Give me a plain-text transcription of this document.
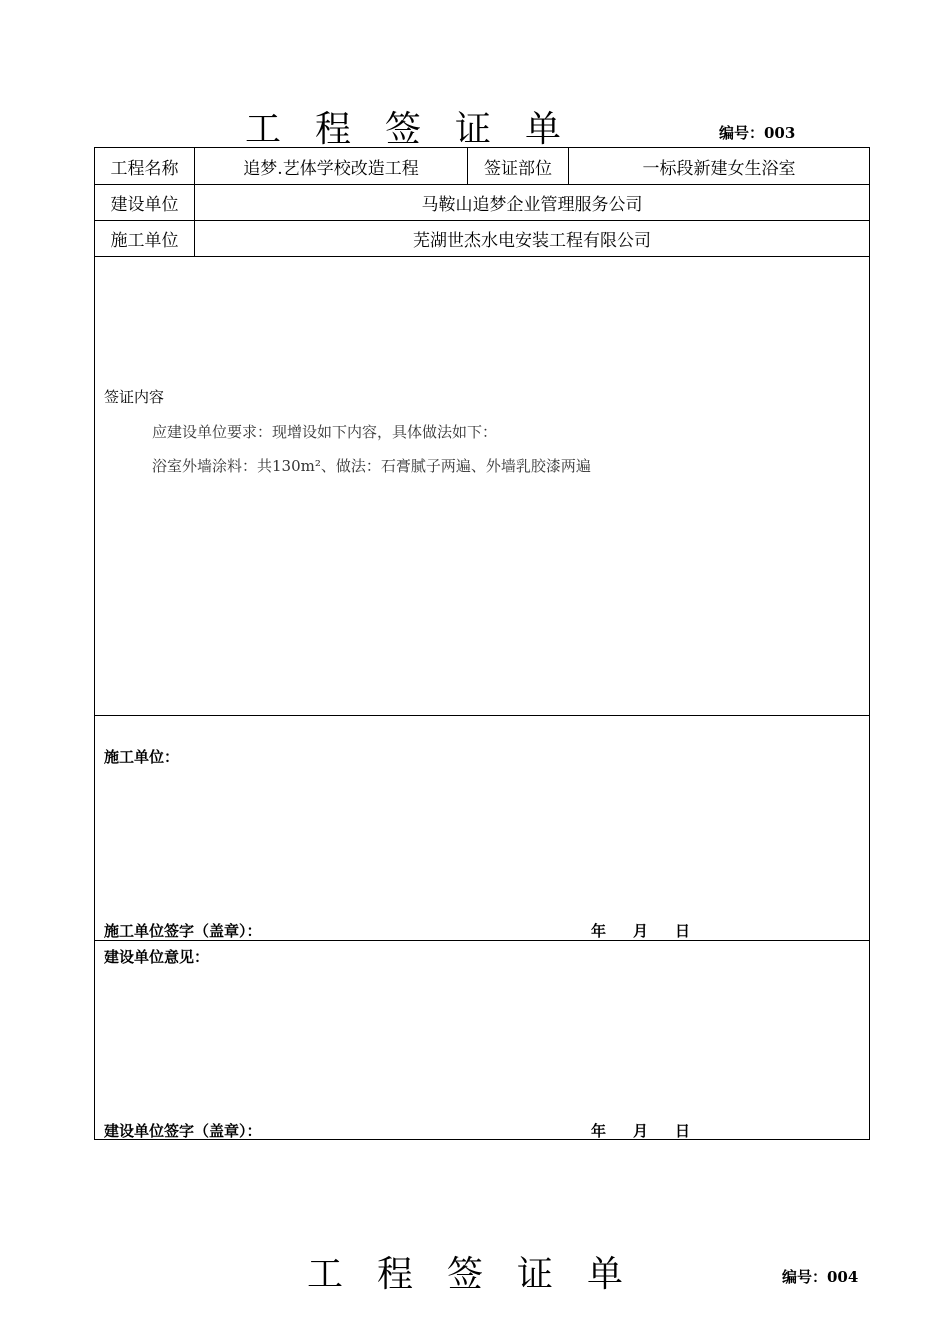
工程签证单	编号：003
工程名称	追梦.艺体学校改造工程	签证部位	一标段新建女生浴室
建设单位	马鞍山追梦企业管理服务公司
施工单位	芜湖世杰水电安装工程有限公司
签证内容
应建设单位要求：现增设如下内容，具体做法如下：
浴室外墙涂料：共130m²、做法：石膏腻子两遍、外墙乳胶漆两遍
施工单位：
施工单位签字（盖章）：	年 月 日
建设单位意见：
建设单位签字（盖章）：	年 月 日
工程签证单	编号：004
